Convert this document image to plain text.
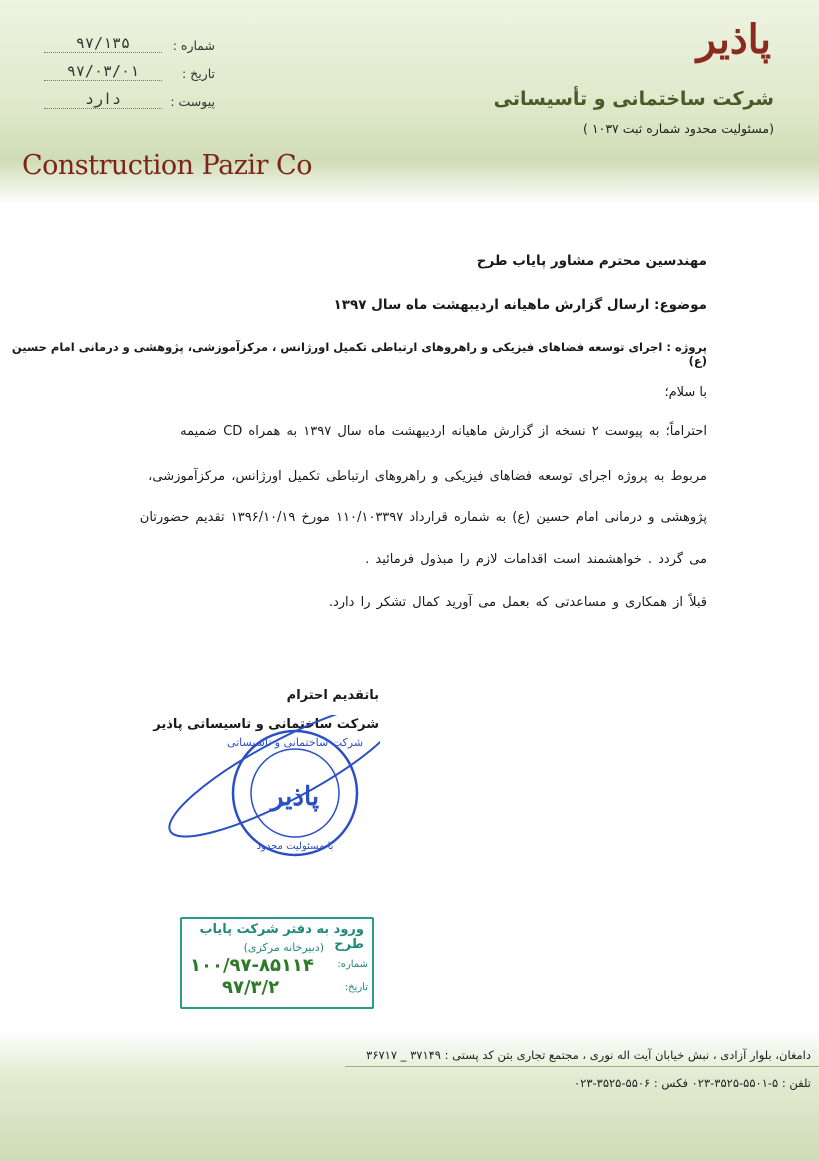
پاذیر
شرکت ساختمانی و تأسیساتی
(مسئولیت محدود شماره ثبت ۱۰۳۷ )
Construction Pazir Co
شماره :
۹۷/۱۳۵
تاریخ :
۹۷/۰۳/۰۱
پیوست :
دارد
مهندسین محترم مشاور پایاب طرح
موضوع: ارسال گزارش ماهیانه اردیبهشت ماه سال ۱۳۹۷
پروژه : اجرای توسعه فضاهای فیزیکی و راهروهای ارتباطی تکمیل اورژانس ، مرکزآموزشی، پژوهشی و درمانی امام حسین (ع)
با سلام؛
احتراماً؛ به پیوست ۲ نسخه از گزارش ماهیانه اردیبهشت ماه سال ۱۳۹۷ به همراه CD ضمیمه
مربوط به پروژه اجرای توسعه فضاهای فیزیکی و راهروهای ارتباطی تکمیل اورژانس، مرکزآموزشی،
پژوهشی و درمانی امام حسین (ع) به شماره قرارداد ۱۱۰/۱۰۳۳۹۷ مورخ ۱۳۹۶/۱۰/۱۹ تقدیم حضورتان
می گردد . خواهشمند است اقدامات لازم را مبذول فرمائید .
قبلاً از همکاری و مساعدتی که بعمل می آورید کمال تشکر را دارد.
باتقدیم احترام
شرکت ساختمانی و تاسیساتی پاذیر
شرکت ساختمانی و تاسیساتی
پاذیر
با مسئولیت محدود
ورود به دفتر شرکت پایاب طرح
(دبیرخانه مرکزی)
شماره:
تاریخ:
۱۰۰/۹۷-۸۵۱۱۴
۹۷/۳/۲
دامغان، بلوار آزادی ، نبش خیابان آیت اله نوری ، مجتمع تجاری بتن کد پستی : ۳۷۱۴۹ _ ۳۶۷۱۷
تلفن : ۵-۵۵۰۱-۳۵۲۵-۰۲۳ فکس : ۵۵۰۶-۳۵۲۵-۰۲۳
